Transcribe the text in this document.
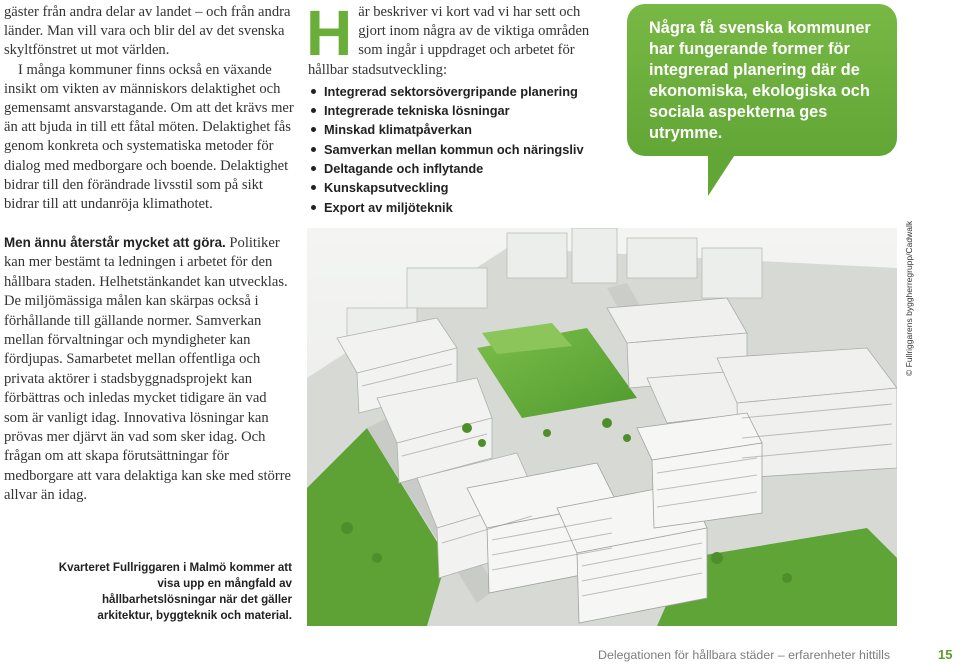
gäster från andra delar av landet – och från andra länder. Man vill vara och blir del av det svenska skyltfönstret ut mot världen.

I många kommuner finns också en växande insikt om vikten av människors delaktighet och gemensamt ansvarstagande. Om att det krävs mer än att bjuda in till ett fåtal möten. Delaktighet fås genom konkreta och systematiska metoder för dialog med medborgare och boende. Delaktighet bidrar till den förändrade livsstil som på sikt bidrar till att undanröja klimathotet.

Men ännu återstår mycket att göra. Politiker kan mer bestämt ta ledningen i arbetet för den hållbara staden. Helhetstänkandet kan utvecklas. De miljömässiga målen kan skärpas också i förhållande till gällande normer. Samverkan mellan förvaltningar och myndigheter kan fördjupas. Samarbetet mellan offentliga och privata aktörer i stadsbyggnadsprojekt kan förbättras och inledas mycket tidigare än vad som är vanligt idag. Innovativa lösningar kan prövas mer djärvt än vad som sker idag. Och frågan om att skapa förutsättningar för medborgare att vara delaktiga kan ske med större allvar än idag.

H är beskriver vi kort vad vi har sett och gjort inom några av de viktiga områden som ingår i uppdraget och arbetet för hållbar stadsutveckling:

Integrerad sektorsövergripande planering
Integrerade tekniska lösningar
Minskad klimatpåverkan
Samverkan mellan kommun och näringsliv
Deltagande och inflytande
Kunskapsutveckling
Export av miljöteknik

Några få svenska kommuner har fungerande former för integrerad planering där de ekonomiska, ekologiska och sociala aspekterna ges utrymme.

© Fullriggarens byggherregrupp/Cadwalk

Kvarteret Fullriggaren i Malmö kommer att visa upp en mångfald av hållbarhetslösningar när det gäller arkitektur, byggteknik och material.

Delegationen för hållbara städer – erfarenheter hittills	15
